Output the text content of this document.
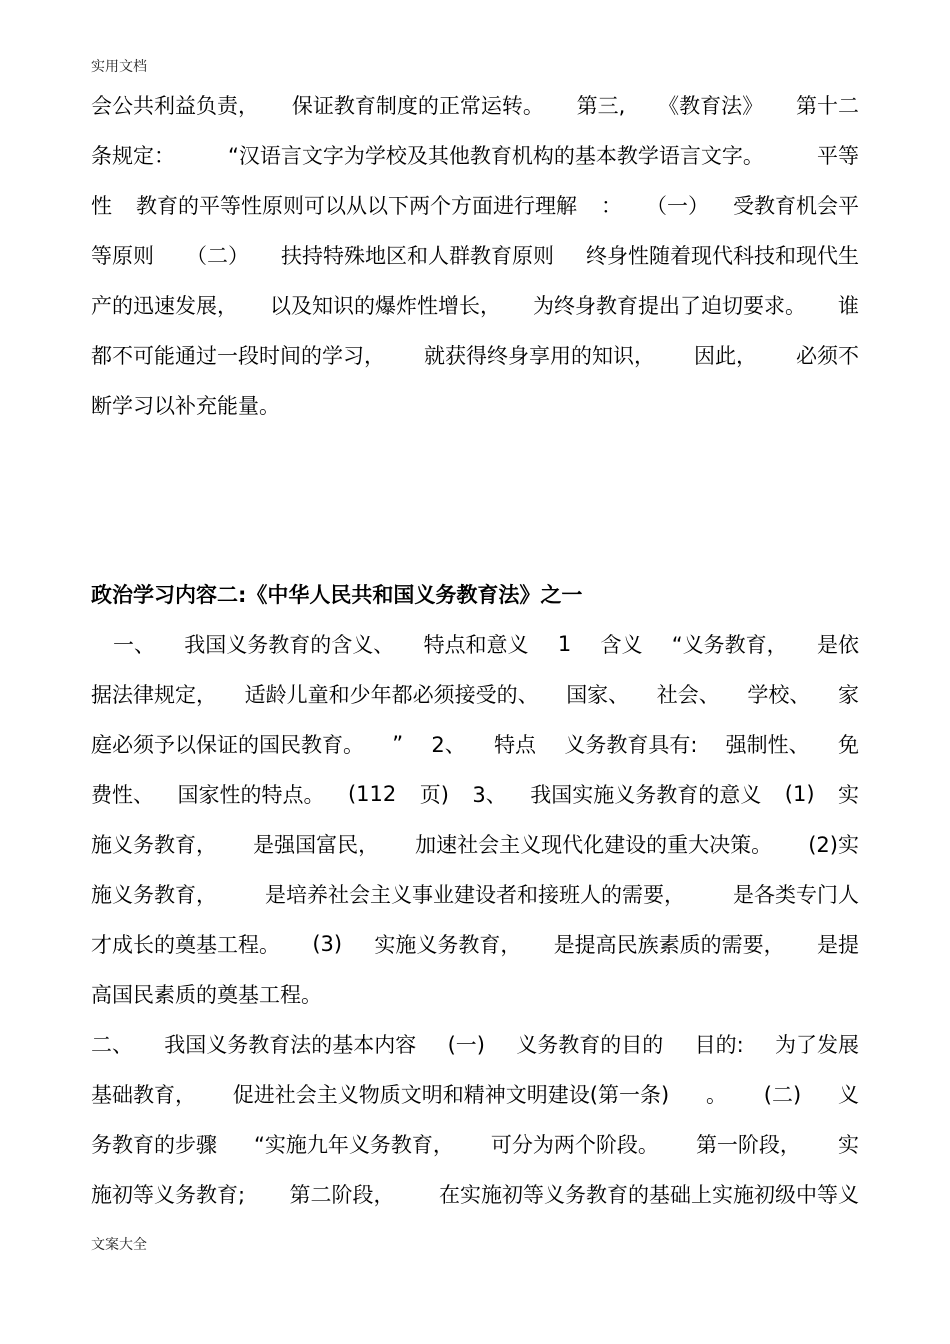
实用文档
会公共利益负责， 保证教育制度的正常运转。 第三, 《教育法》 第十二
条规定：	“汉语言文字为学校及其他教育机构的基本教学语言文字。	平等
性 教育的平等性原则可以从以下两个方面进行理解 ： （一） 受教育机会平
等原则 （二） 扶持特殊地区和人群教育原则 终身性随着现代科技和现代生
产的迅速发展， 以及知识的爆炸性增长， 为终身教育提出了迫切要求。 谁
都不可能通过一段时间的学习， 就获得终身享用的知识， 因此， 必须不
断学习以补充能量。
政治学习内容二:《中华人民共和国义务教育法》之一
一、 我国义务教育的含义、 特点和意义 1 含义 “义务教育， 是依
据法律规定， 适龄儿童和少年都必须接受的、 国家、 社会、 学校、 家
庭必须予以保证的国民教育。 ” 2、 特点 义务教育具有: 强制性、 免
费性、 国家性的特点。 (112 页) 3、 我国实施义务教育的意义 (1) 实
施义务教育， 是强国富民， 加速社会主义现代化建设的重大决策。 (2)实
施义务教育， 是培养社会主义事业建设者和接班人的需要， 是各类专门人
才成长的奠基工程。 (3) 实施义务教育， 是提高民族素质的需要， 是提
高国民素质的奠基工程。
二、 我国义务教育法的基本内容 (一) 义务教育的目的 目的: 为了发展
基础教育， 促进社会主义物质文明和精神文明建设(第一条) 。 (二) 义
务教育的步骤 “实施九年义务教育， 可分为两个阶段。 第一阶段， 实
施初等义务教育; 第二阶段， 在实施初等义务教育的基础上实施初级中等义
文案大全
